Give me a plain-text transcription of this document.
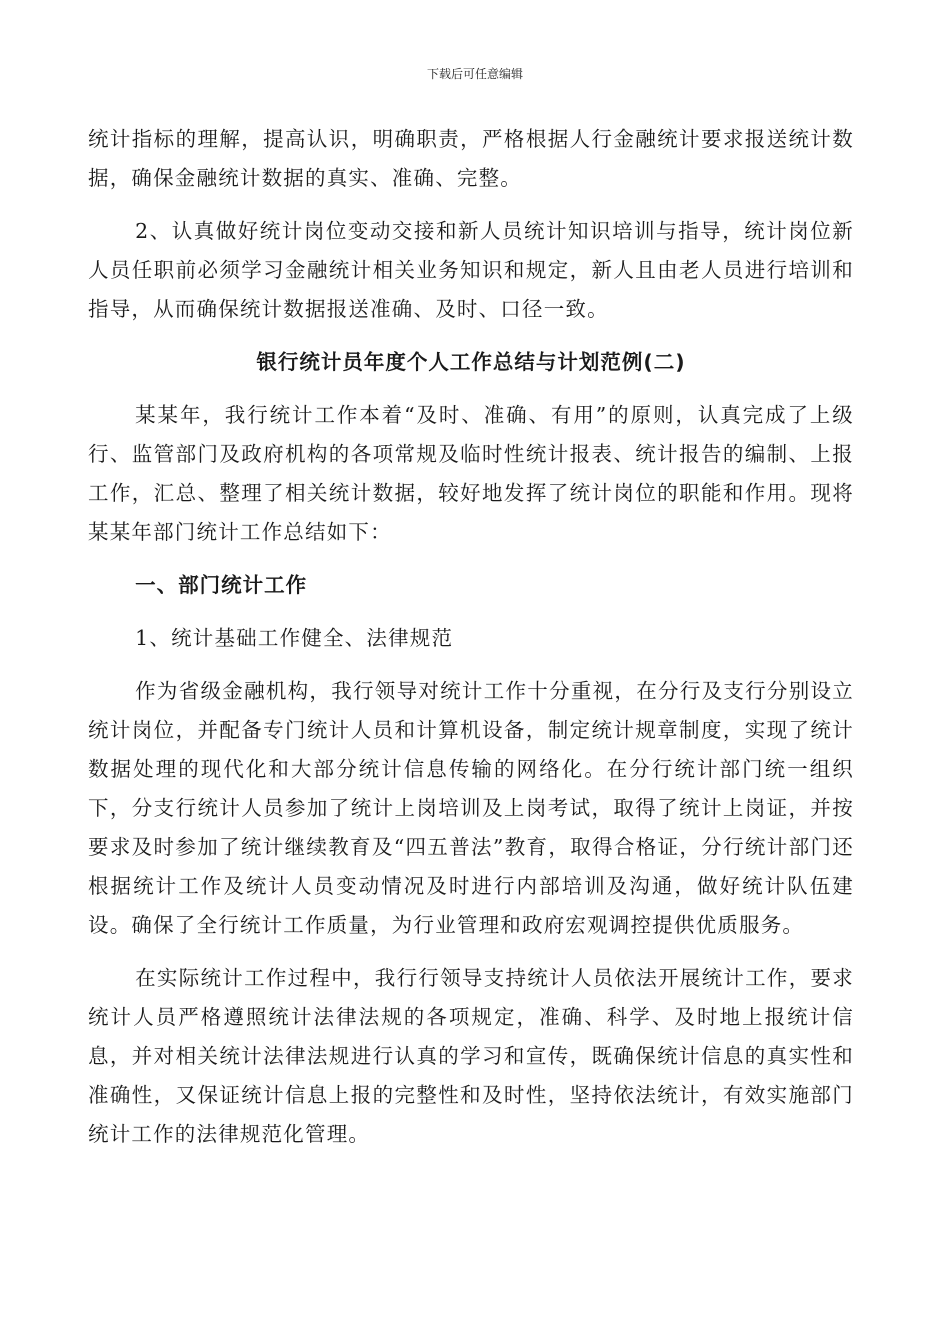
下载后可任意编辑

统计指标的理解，提高认识，明确职责，严格根据人行金融统计要求报送统计数据，确保金融统计数据的真实、准确、完整。

2、认真做好统计岗位变动交接和新人员统计知识培训与指导，统计岗位新人员任职前必须学习金融统计相关业务知识和规定，新人且由老人员进行培训和指导，从而确保统计数据报送准确、及时、口径一致。

银行统计员年度个人工作总结与计划范例(二)

某某年，我行统计工作本着“及时、准确、有用”的原则，认真完成了上级行、监管部门及政府机构的各项常规及临时性统计报表、统计报告的编制、上报工作，汇总、整理了相关统计数据，较好地发挥了统计岗位的职能和作用。现将某某年部门统计工作总结如下：

一、部门统计工作

1、统计基础工作健全、法律规范

作为省级金融机构，我行领导对统计工作十分重视，在分行及支行分别设立统计岗位，并配备专门统计人员和计算机设备，制定统计规章制度，实现了统计数据处理的现代化和大部分统计信息传输的网络化。在分行统计部门统一组织下，分支行统计人员参加了统计上岗培训及上岗考试，取得了统计上岗证，并按要求及时参加了统计继续教育及“四五普法”教育，取得合格证，分行统计部门还根据统计工作及统计人员变动情况及时进行内部培训及沟通，做好统计队伍建设。确保了全行统计工作质量，为行业管理和政府宏观调控提供优质服务。

在实际统计工作过程中，我行行领导支持统计人员依法开展统计工作，要求统计人员严格遵照统计法律法规的各项规定，准确、科学、及时地上报统计信息，并对相关统计法律法规进行认真的学习和宣传，既确保统计信息的真实性和准确性，又保证统计信息上报的完整性和及时性，坚持依法统计，有效实施部门统计工作的法律规范化管理。
